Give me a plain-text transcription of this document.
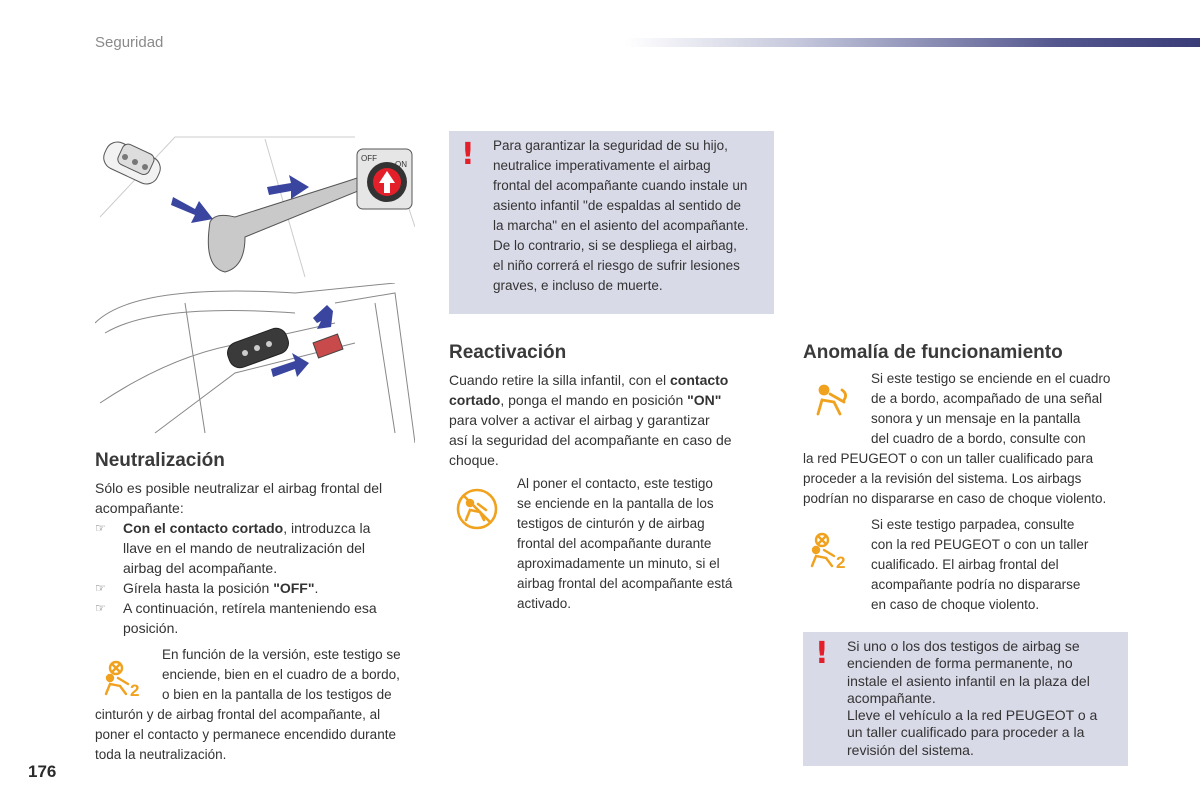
Seguridad
OFF
ON
Neutralización
Sólo es posible neutralizar el airbag frontal del acompañante:
☞ Con el contacto cortado, introduzca la
llave en el mando de neutralización del
airbag del acompañante.
☞ Gírela hasta la posición "OFF".
☞ A continuación, retírela manteniendo esa
posición.
2
En función de la versión, este testigo se
enciende, bien en el cuadro de a bordo,
o bien en la pantalla de los testigos de
cinturón y de airbag frontal del acompañante, al
poner el contacto y permanece encendido durante
toda la neutralización.
! Para garantizar la seguridad de su hijo,
neutralice imperativamente el airbag
frontal del acompañante cuando instale un
asiento infantil "de espaldas al sentido de
la marcha" en el asiento del acompañante.
De lo contrario, si se despliega el airbag,
el niño correrá el riesgo de sufrir lesiones
graves, e incluso de muerte.
Reactivación
Cuando retire la silla infantil, con el contacto
cortado, ponga el mando en posición "ON"
para volver a activar el airbag y garantizar
así la seguridad del acompañante en caso de
choque.
Al poner el contacto, este testigo
se enciende en la pantalla de los
testigos de cinturón y de airbag
frontal del acompañante durante
aproximadamente un minuto, si el
airbag frontal del acompañante está
activado.
Anomalía de funcionamiento
Si este testigo se enciende en el cuadro
de a bordo, acompañado de una señal
sonora y un mensaje en la pantalla
del cuadro de a bordo, consulte con
la red PEUGEOT o con un taller cualificado para
proceder a la revisión del sistema. Los airbags
podrían no dispararse en caso de choque violento.
2
Si este testigo parpadea, consulte
con la red PEUGEOT o con un taller
cualificado. El airbag frontal del
acompañante podría no dispararse
en caso de choque violento.
! Si uno o los dos testigos de airbag se
encienden de forma permanente, no
instale el asiento infantil en la plaza del
acompañante.
Lleve el vehículo a la red PEUGEOT o a
un taller cualificado para proceder a la
revisión del sistema.
176
